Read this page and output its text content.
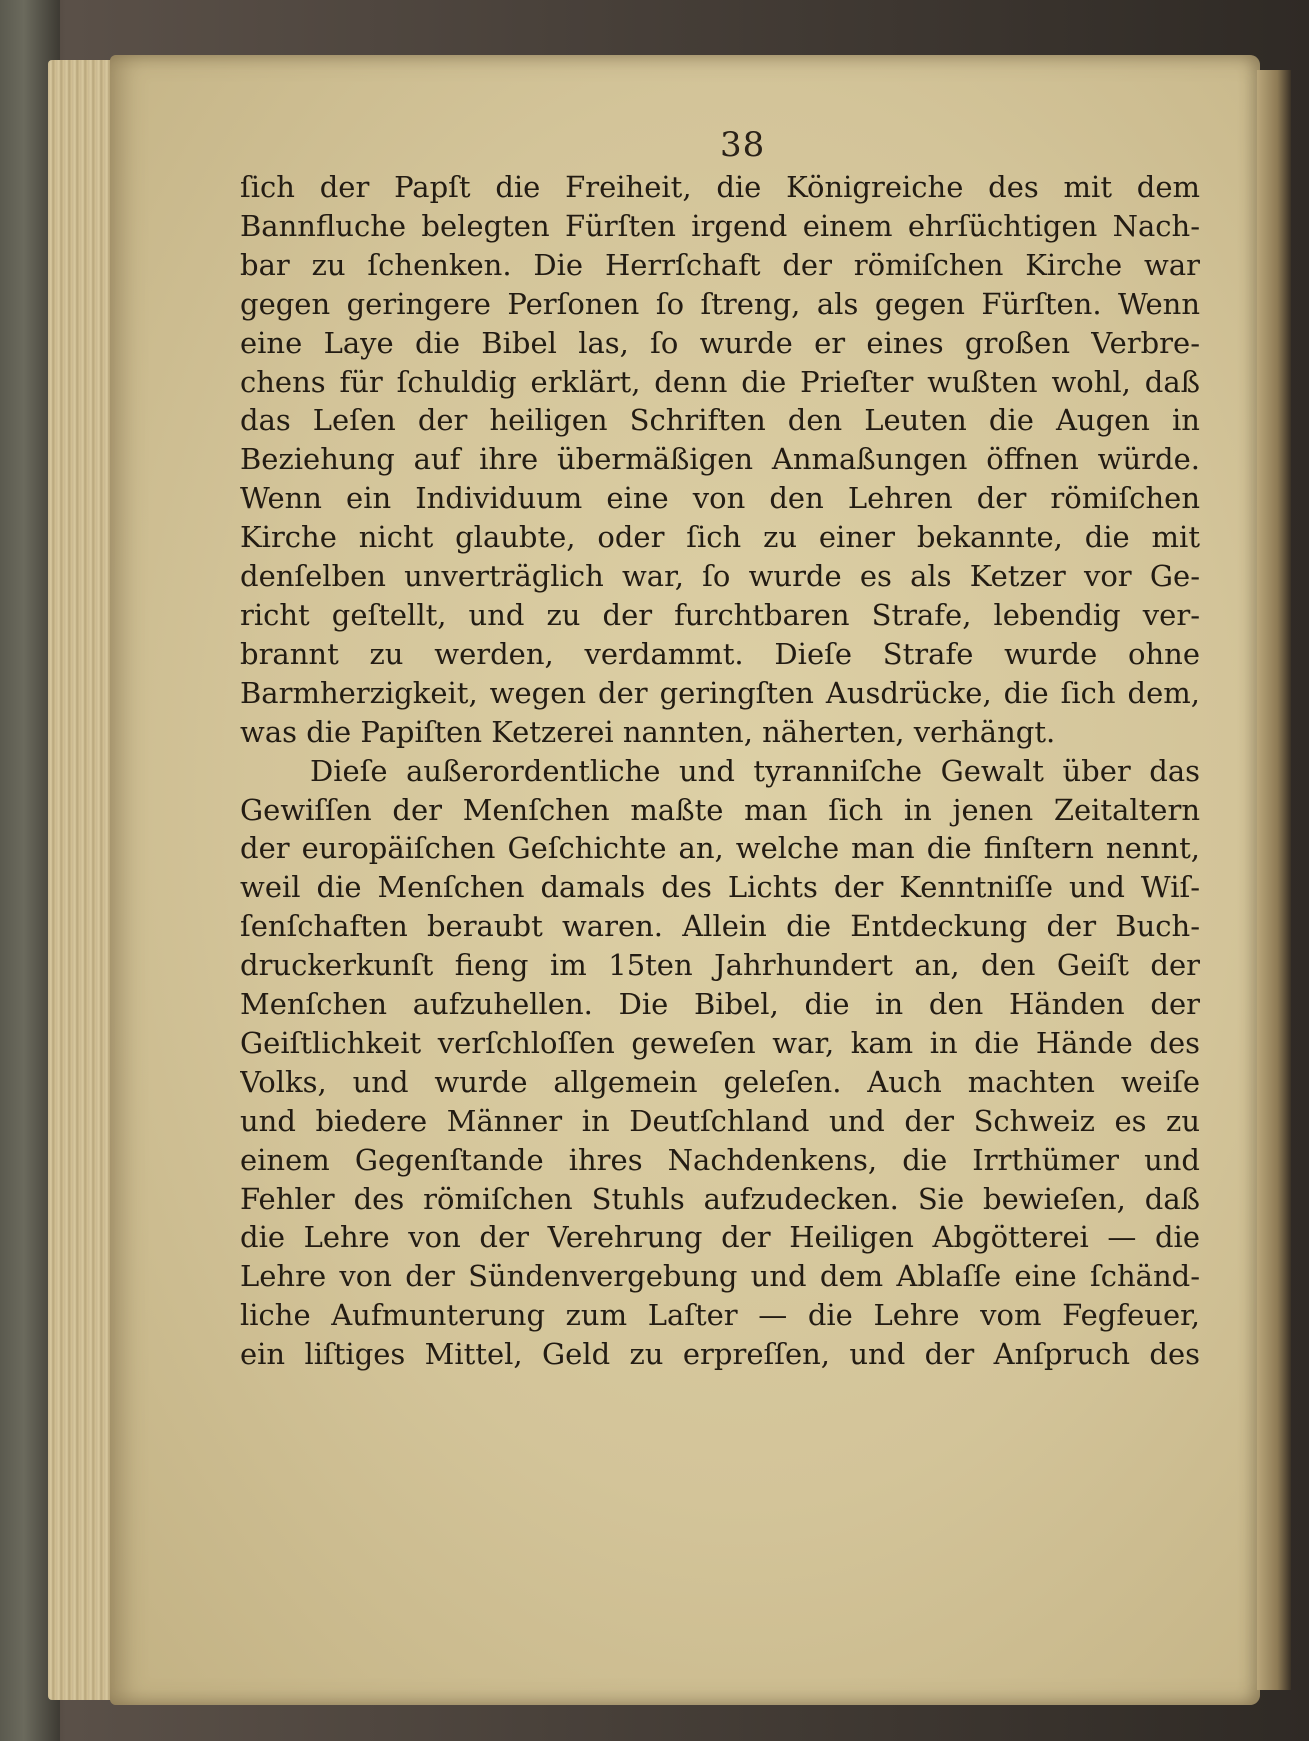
38
ſich der Papſt die Freiheit, die Königreiche des mit dem
Bannfluche belegten Fürſten irgend einem ehrſüchtigen Nach-
bar zu ſchenken. Die Herrſchaft der römiſchen Kirche war
gegen geringere Perſonen ſo ſtreng, als gegen Fürſten. Wenn
eine Laye die Bibel las, ſo wurde er eines großen Verbre-
chens für ſchuldig erklärt, denn die Prieſter wußten wohl, daß
das Leſen der heiligen Schriften den Leuten die Augen in
Beziehung auf ihre übermäßigen Anmaßungen öffnen würde.
Wenn ein Individuum eine von den Lehren der römiſchen
Kirche nicht glaubte, oder ſich zu einer bekannte, die mit
denſelben unverträglich war, ſo wurde es als Ketzer vor Ge-
richt geſtellt, und zu der furchtbaren Strafe, lebendig ver-
brannt zu werden, verdammt. Dieſe Strafe wurde ohne
Barmherzigkeit, wegen der geringſten Ausdrücke, die ſich dem,
was die Papiſten Ketzerei nannten, näherten, verhängt.
Dieſe außerordentliche und tyranniſche Gewalt über das
Gewiſſen der Menſchen maßte man ſich in jenen Zeitaltern
der europäiſchen Geſchichte an, welche man die finſtern nennt,
weil die Menſchen damals des Lichts der Kenntniſſe und Wiſ-
ſenſchaften beraubt waren. Allein die Entdeckung der Buch-
druckerkunſt fieng im 15ten Jahrhundert an, den Geiſt der
Menſchen aufzuhellen. Die Bibel, die in den Händen der
Geiſtlichkeit verſchloſſen geweſen war, kam in die Hände des
Volks, und wurde allgemein geleſen. Auch machten weiſe
und biedere Männer in Deutſchland und der Schweiz es zu
einem Gegenſtande ihres Nachdenkens, die Irrthümer und
Fehler des römiſchen Stuhls aufzudecken. Sie bewieſen, daß
die Lehre von der Verehrung der Heiligen Abgötterei — die
Lehre von der Sündenvergebung und dem Ablaſſe eine ſchänd-
liche Aufmunterung zum Laſter — die Lehre vom Fegfeuer,
ein liſtiges Mittel, Geld zu erpreſſen, und der Anſpruch des
